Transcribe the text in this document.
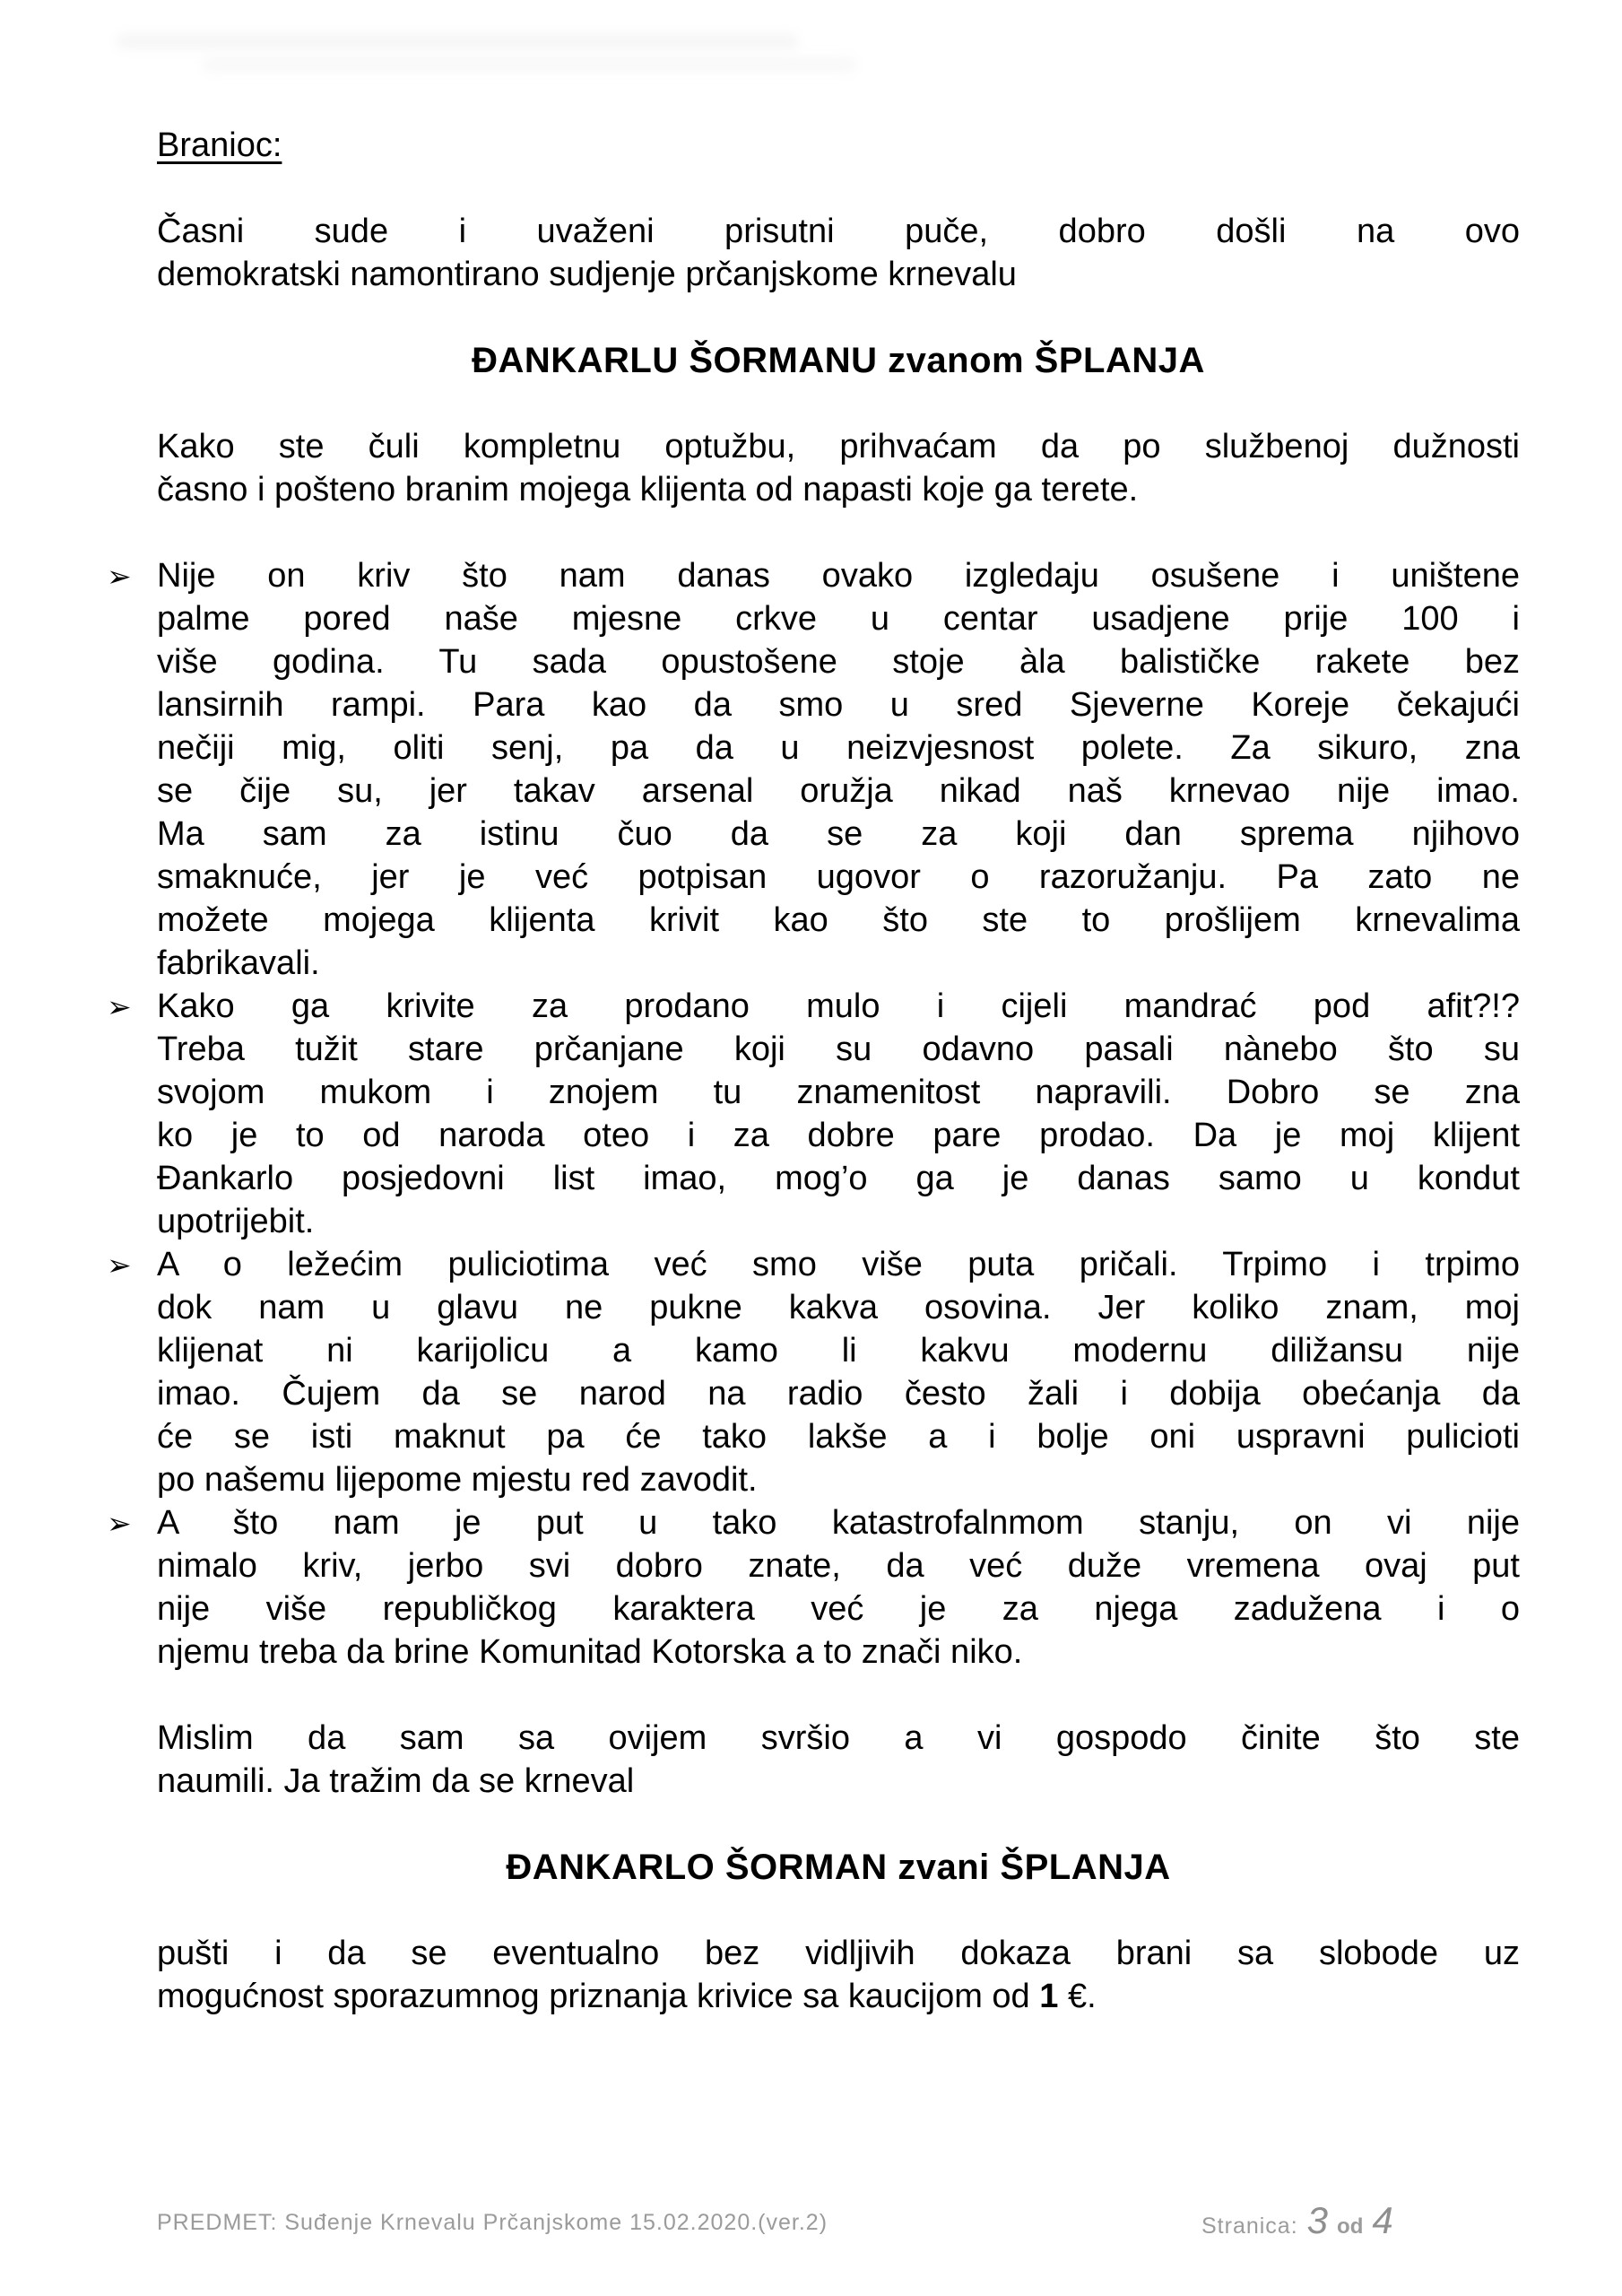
Branioc:
Časni sude i uvaženi prisutni puče, dobro došli na ovo
demokratski namontirano sudjenje prčanjskome krnevalu
ĐANKARLU ŠORMANU zvanom ŠPLANJA
Kako ste čuli kompletnu optužbu, prihvaćam da po službenoj dužnosti
časno i pošteno branim mojega klijenta od napasti koje ga terete.
➢ Nije on kriv što nam danas ovako izgledaju osušene i uništene
palme pored naše mjesne crkve u centar usadjene prije 100 i
više godina. Tu sada opustošene stoje àla balističke rakete bez
lansirnih rampi. Para kao da smo u sred Sjeverne Koreje čekajući
nečiji mig, oliti senj, pa da u neizvjesnost polete. Za sikuro, zna
se čije su, jer takav arsenal oružja nikad naš krnevao nije imao.
Ma sam za istinu čuo da se za koji dan sprema njihovo
smaknuće, jer je već potpisan ugovor o razoružanju. Pa zato ne
možete mojega klijenta krivit kao što ste to prošlijem krnevalima
fabrikavali.
➢ Kako ga krivite za prodano mulo i cijeli mandrać pod afit?!?
Treba tužit stare prčanjane koji su odavno pasali nànebo što su
svojom mukom i znojem tu znamenitost napravili. Dobro se zna
ko je to od naroda oteo i za dobre pare prodao. Da je moj klijent
Đankarlo posjedovni list imao, mog’o ga je danas samo u kondut
upotrijebit.
➢ A o ležećim puliciotima već smo više puta pričali. Trpimo i trpimo
dok nam u glavu ne pukne kakva osovina. Jer koliko znam, moj
klijenat ni karijolicu a kamo li kakvu modernu diližansu nije
imao. Čujem da se narod na radio često žali i dobija obećanja da
će se isti maknut pa će tako lakše a i bolje oni uspravni pulicioti
po našemu lijepome mjestu red zavodit.
➢ A što nam je put u tako katastrofalnmom stanju, on vi nije
nimalo kriv, jerbo svi dobro znate, da već duže vremena ovaj put
nije više republičkog karaktera već je za njega zadužena i o
njemu treba da brine Komunitad Kotorska a to znači niko.
Mislim da sam sa ovijem svršio a vi gospodo činite što ste
naumili. Ja tražim da se krneval
ĐANKARLO ŠORMAN zvani ŠPLANJA
pušti i da se eventualno bez vidljivih dokaza brani sa slobode uz
mogućnost sporazumnog priznanja krivice sa kaucijom od 1 €.
PREDMET: Suđenje Krnevalu Prčanjskome 15.02.2020.(ver.2)	Stranica: 3 od 4
